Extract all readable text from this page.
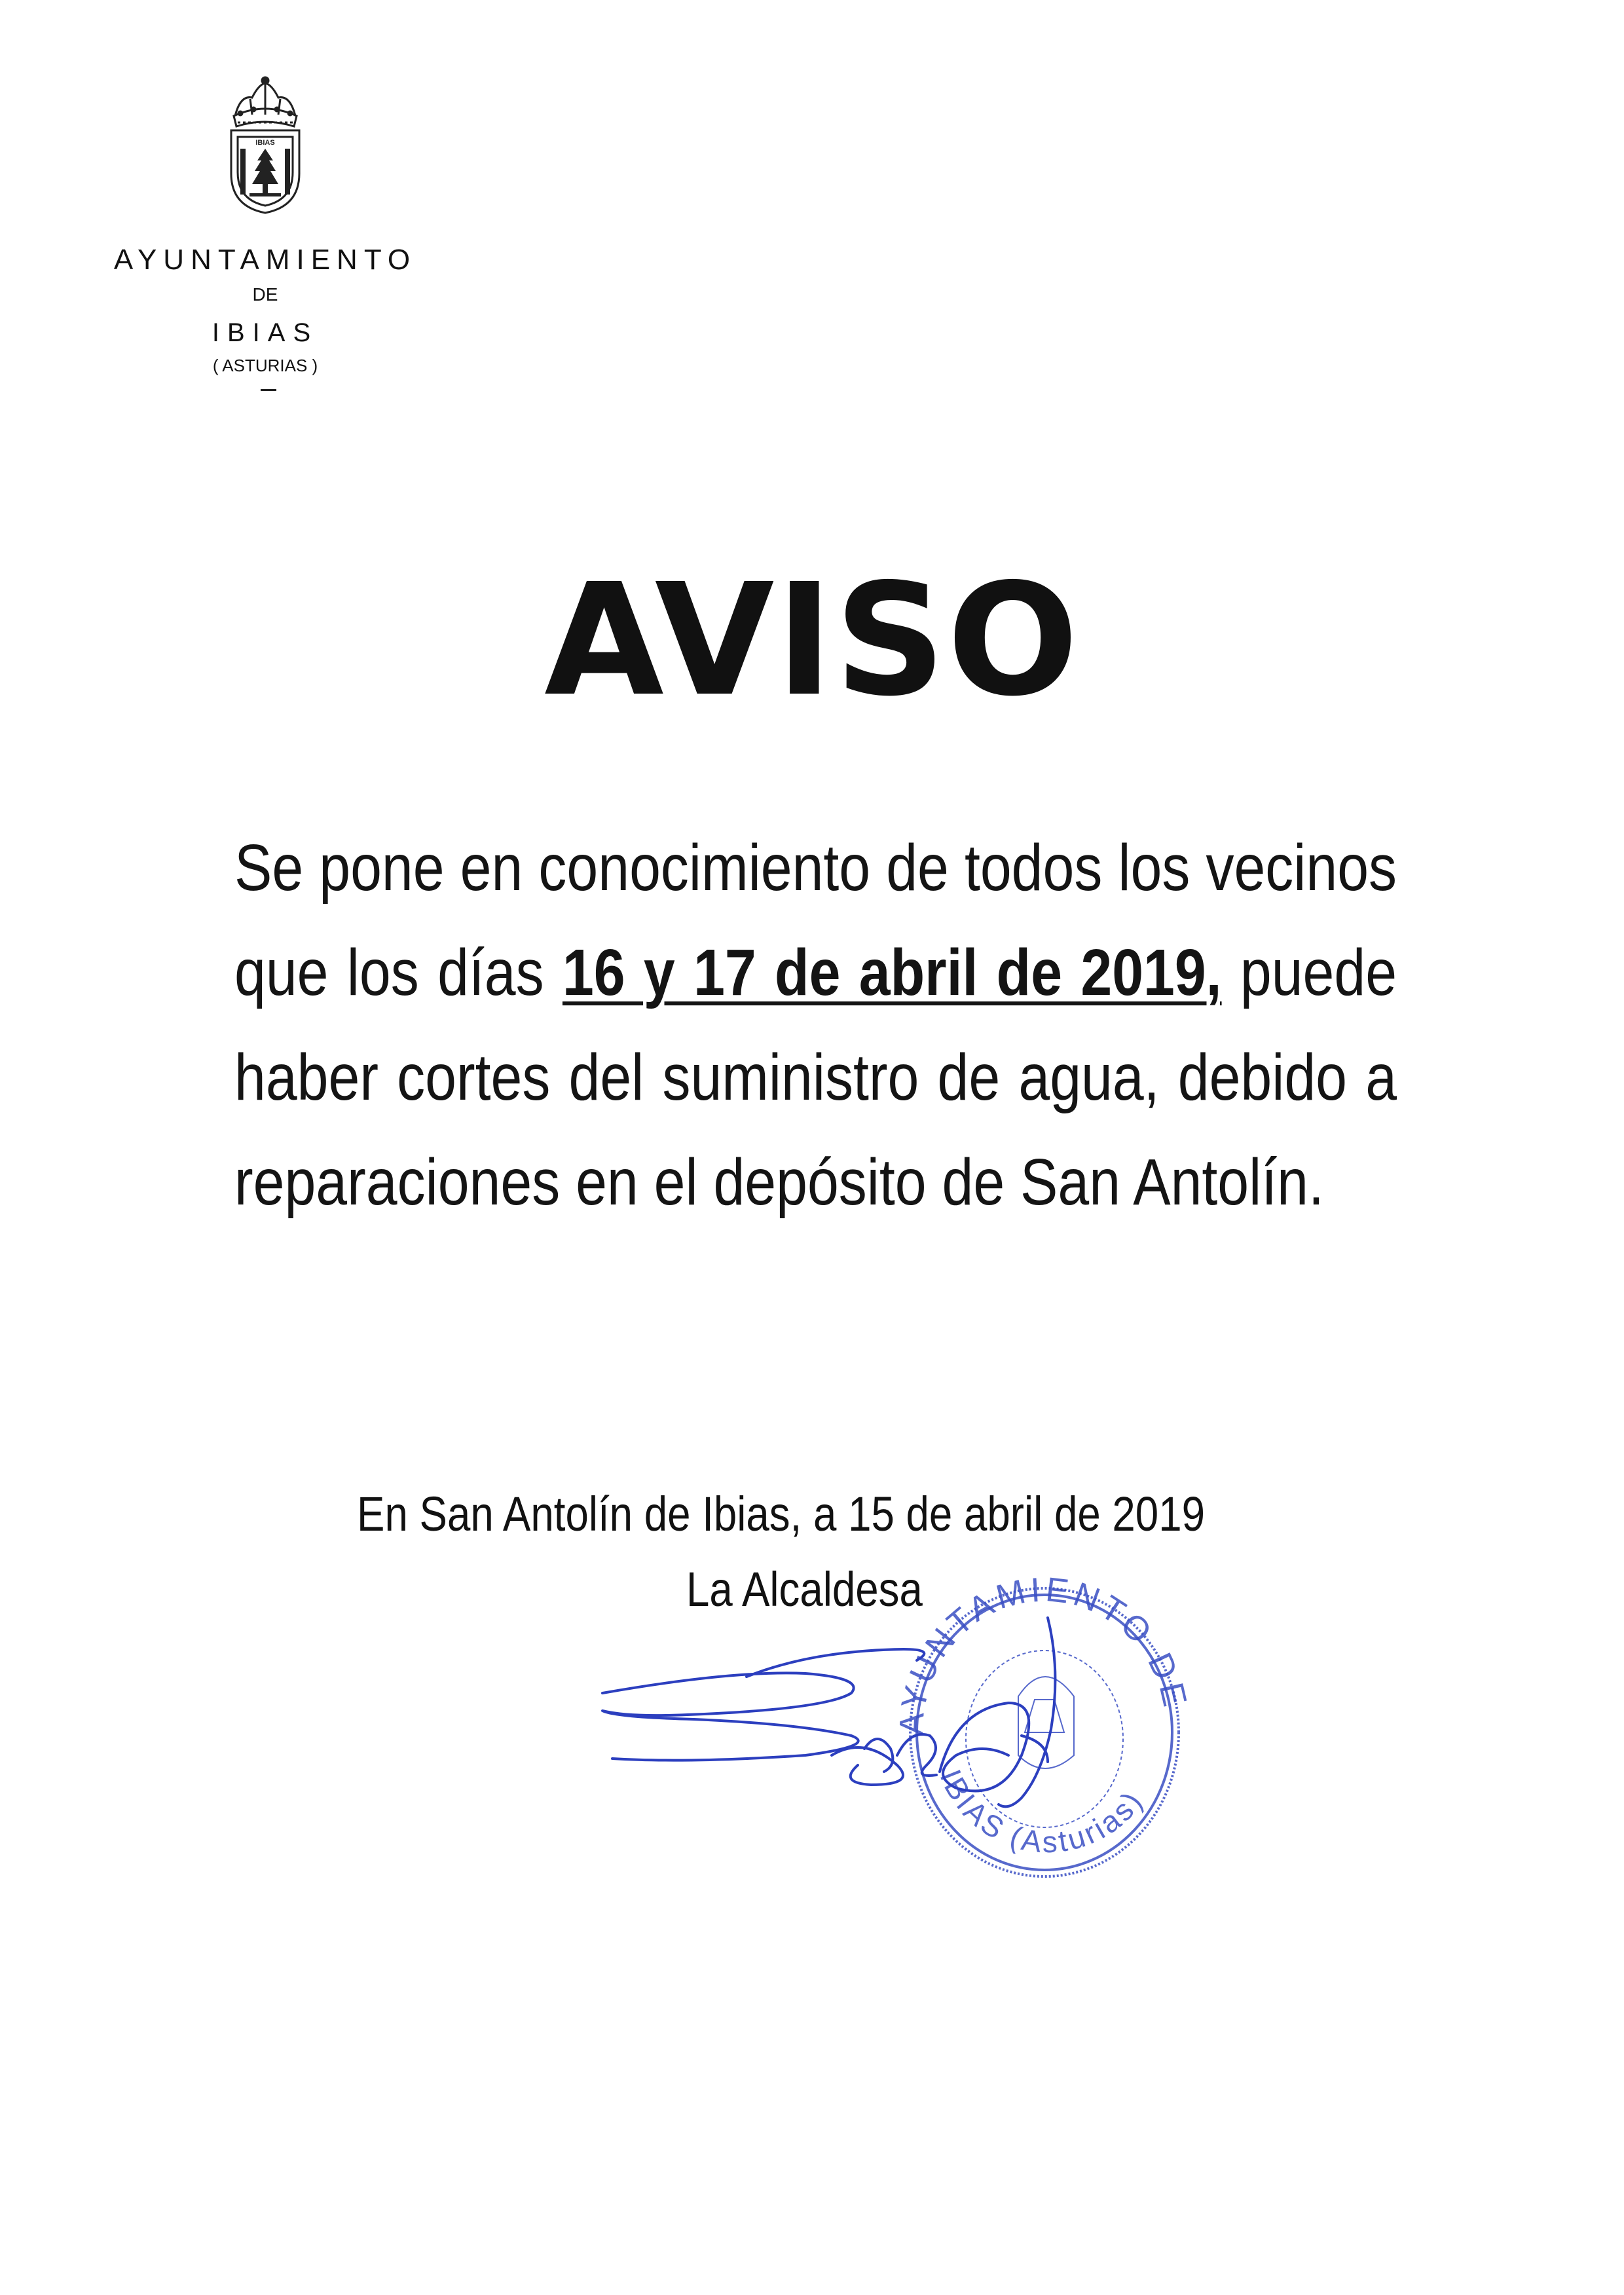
IBIAS
AYUNTAMIENTO
DE
IBIAS
( ASTURIAS )
AVISO
Se pone en conocimiento de todos los vecinos que los días 16 y 17 de abril de 2019, puede haber cortes del suministro de agua, debido a reparaciones en el depósito de San Antolín.
En San Antolín de Ibias, a 15 de abril de 2019
La Alcaldesa
AYUNTAMIENTO DE
IBIAS (Asturias)
